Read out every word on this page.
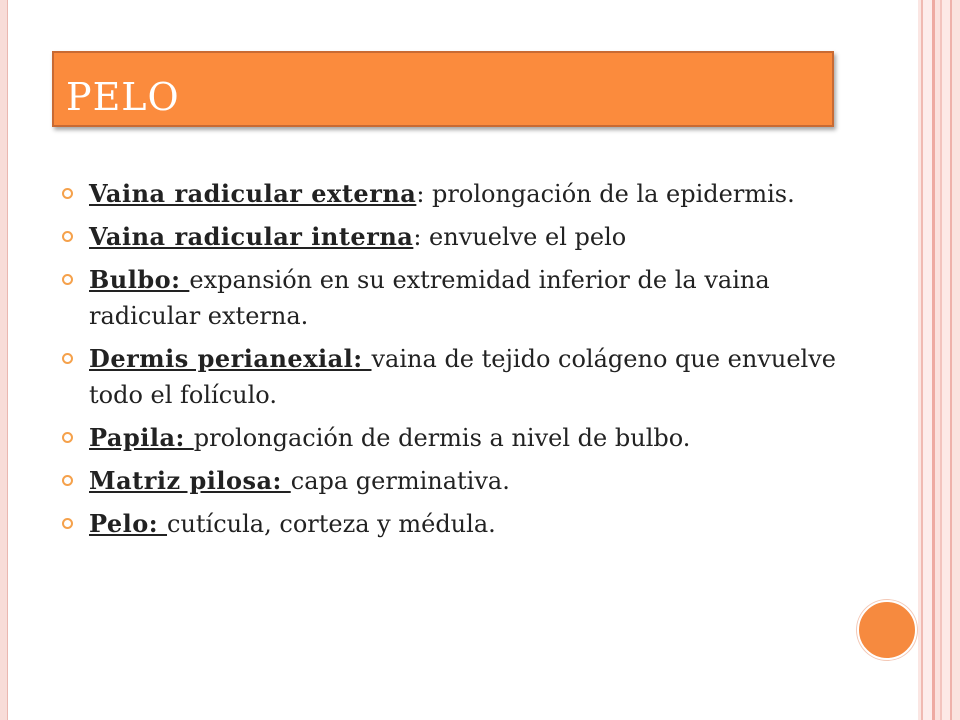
PELO
Vaina radicular externa: prolongación de la epidermis.
Vaina radicular interna: envuelve el pelo
Bulbo: expansión en su extremidad inferior de la vaina radicular externa.
Dermis perianexial: vaina de tejido colágeno que envuelve todo el folículo.
Papila: prolongación de dermis a nivel de bulbo.
Matriz pilosa: capa germinativa.
Pelo: cutícula, corteza y médula.
